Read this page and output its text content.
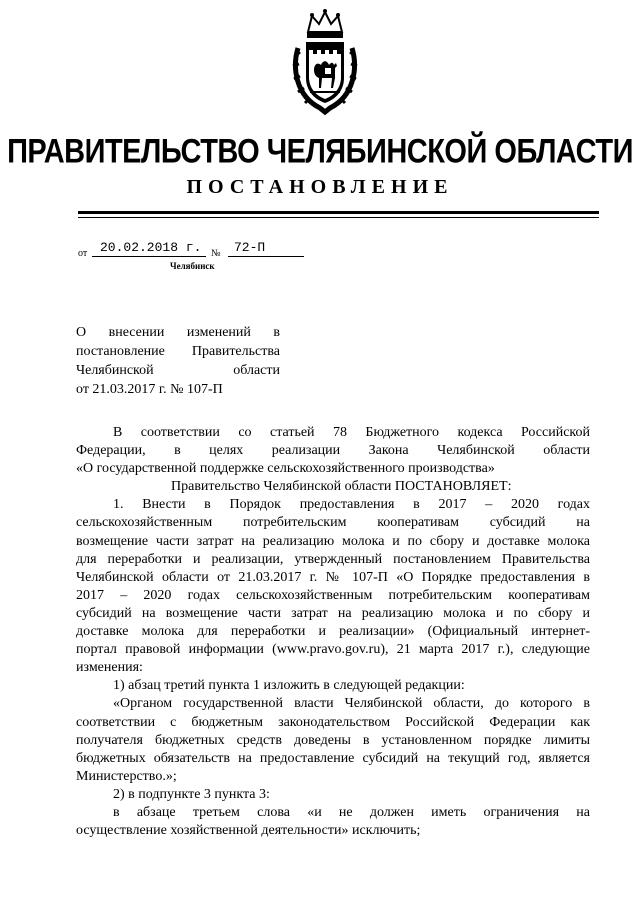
ПРАВИТЕЛЬСТВО ЧЕЛЯБИНСКОЙ ОБЛАСТИ
ПОСТАНОВЛЕНИЕ
от 20.02.2018 г. № 72-П
Челябинск
О внесении изменений в
постановление Правительства
Челябинской области
от 21.03.2017 г. № 107-П
В соответствии со статьей 78 Бюджетного кодекса Российской
Федерации, в целях реализации Закона Челябинской области
«О государственной поддержке сельскохозяйственного производства»
Правительство Челябинской области ПОСТАНОВЛЯЕТ:
1. Внести в Порядок предоставления в 2017 – 2020 годах
сельскохозяйственным потребительским кооперативам субсидий на
возмещение части затрат на реализацию молока и по сбору и доставке молока
для переработки и реализации, утвержденный постановлением Правительства
Челябинской области от 21.03.2017 г. № 107-П «О Порядке предоставления в
2017 – 2020 годах сельскохозяйственным потребительским кооперативам
субсидий на возмещение части затрат на реализацию молока и по сбору и
доставке молока для переработки и реализации» (Официальный интернет-
портал правовой информации (www.pravo.gov.ru), 21 марта 2017 г.), следующие
изменения:
1) абзац третий пункта 1 изложить в следующей редакции:
«Органом государственной власти Челябинской области, до которого в
соответствии с бюджетным законодательством Российской Федерации как
получателя бюджетных средств доведены в установленном порядке лимиты
бюджетных обязательств на предоставление субсидий на текущий год, является
Министерство.»;
2) в подпункте 3 пункта 3:
в абзаце третьем слова «и не должен иметь ограничения на
осуществление хозяйственной деятельности» исключить;
